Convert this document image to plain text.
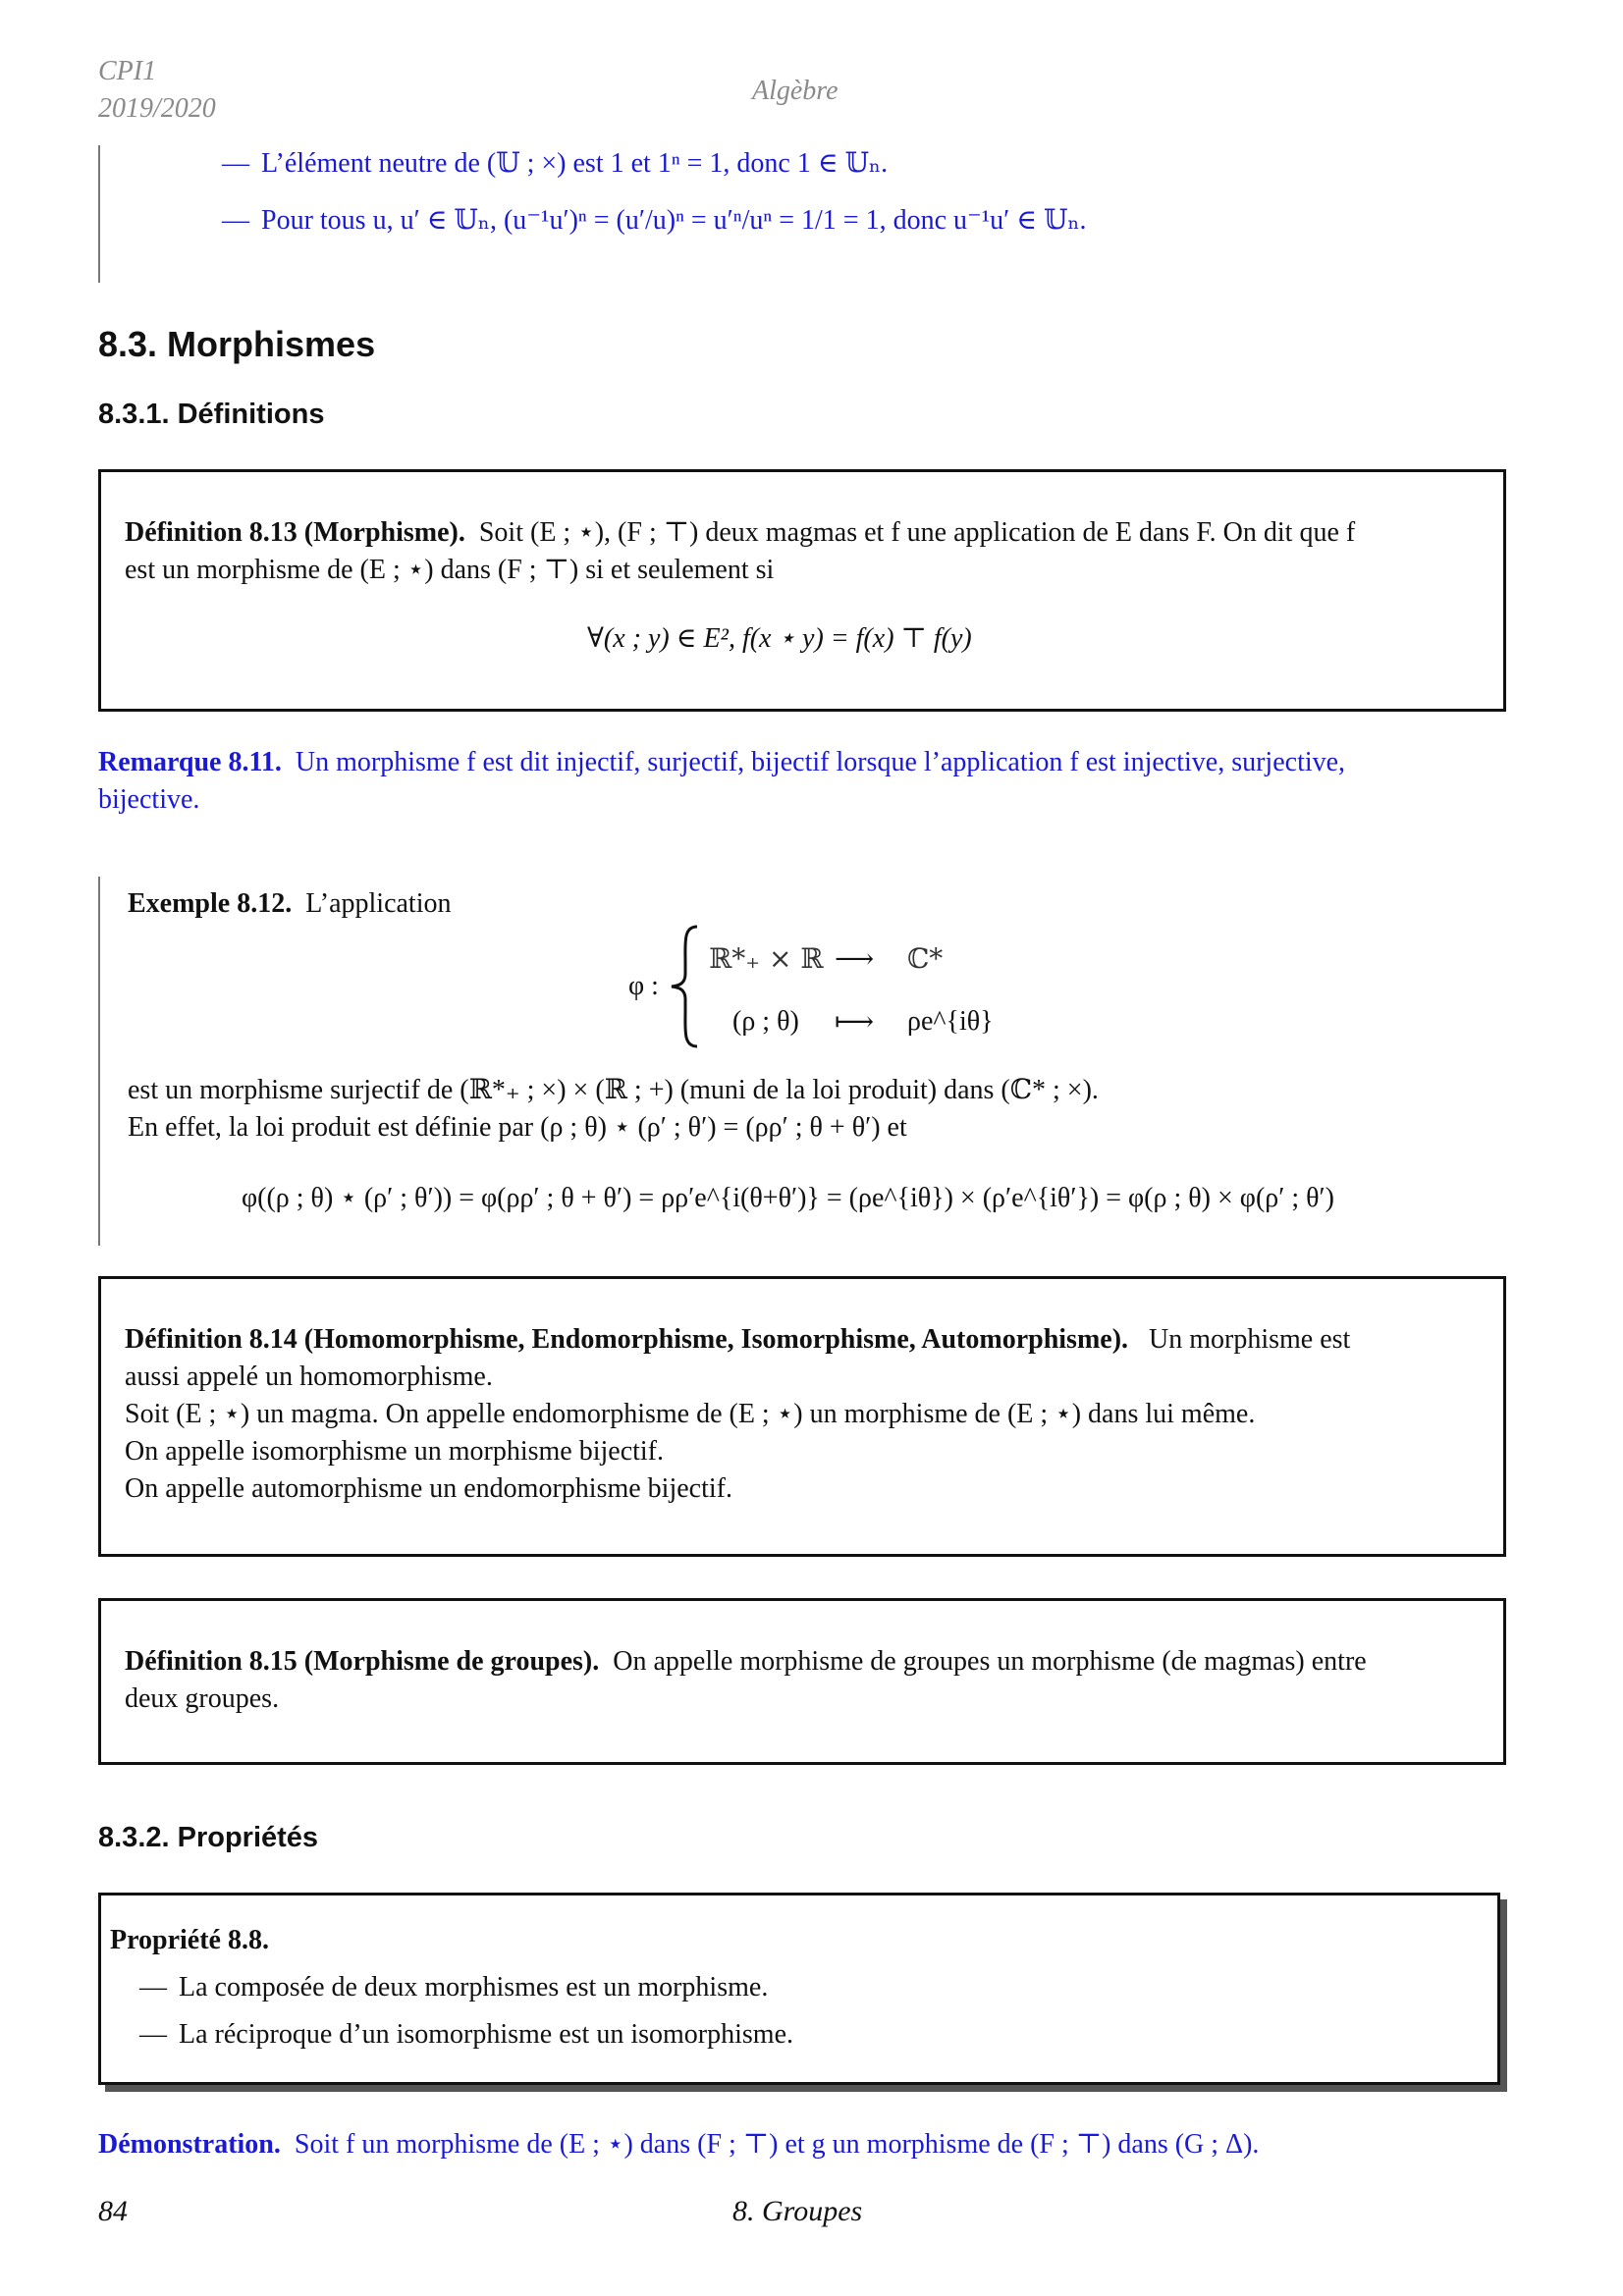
CPI1
2019/2020
Algèbre
— L’élément neutre de (𝕌 ; ×) est 1 et 1ⁿ = 1, donc 1 ∈ 𝕌ₙ.
— Pour tous u, u′ ∈ 𝕌ₙ, (u⁻¹u′)ⁿ = (u′/u)ⁿ = u′ⁿ/uⁿ = 1/1 = 1, donc u⁻¹u′ ∈ 𝕌ₙ.
8.3. Morphismes
8.3.1. Définitions
Définition 8.13 (Morphisme). Soit (E ; ⋆), (F ; ⊤) deux magmas et f une application de E dans F. On dit que f
est un morphisme de (E ; ⋆) dans (F ; ⊤) si et seulement si
∀(x ; y) ∈ E², f(x ⋆ y) = f(x) ⊤ f(y)
Remarque 8.11. Un morphisme f est dit injectif, surjectif, bijectif lorsque l’application f est injective, surjective,
bijective.
Exemple 8.12. L’application
φ :
ℝ*₊ × ℝ ⟶ ℂ*
(ρ ; θ) ⟼ ρe^{iθ}
est un morphisme surjectif de (ℝ*₊ ; ×) × (ℝ ; +) (muni de la loi produit) dans (ℂ* ; ×).
En effet, la loi produit est définie par (ρ ; θ) ⋆ (ρ′ ; θ′) = (ρρ′ ; θ + θ′) et
φ((ρ ; θ) ⋆ (ρ′ ; θ′)) = φ(ρρ′ ; θ + θ′) = ρρ′e^{i(θ+θ′)} = (ρe^{iθ}) × (ρ′e^{iθ′}) = φ(ρ ; θ) × φ(ρ′ ; θ′)
Définition 8.14 (Homomorphisme, Endomorphisme, Isomorphisme, Automorphisme). Un morphisme est
aussi appelé un homomorphisme.
Soit (E ; ⋆) un magma. On appelle endomorphisme de (E ; ⋆) un morphisme de (E ; ⋆) dans lui même.
On appelle isomorphisme un morphisme bijectif.
On appelle automorphisme un endomorphisme bijectif.
Définition 8.15 (Morphisme de groupes). On appelle morphisme de groupes un morphisme (de magmas) entre
deux groupes.
8.3.2. Propriétés
Propriété 8.8.
— La composée de deux morphismes est un morphisme.
— La réciproque d’un isomorphisme est un isomorphisme.
Démonstration. Soit f un morphisme de (E ; ⋆) dans (F ; ⊤) et g un morphisme de (F ; ⊤) dans (G ; Δ).
84	8. Groupes
